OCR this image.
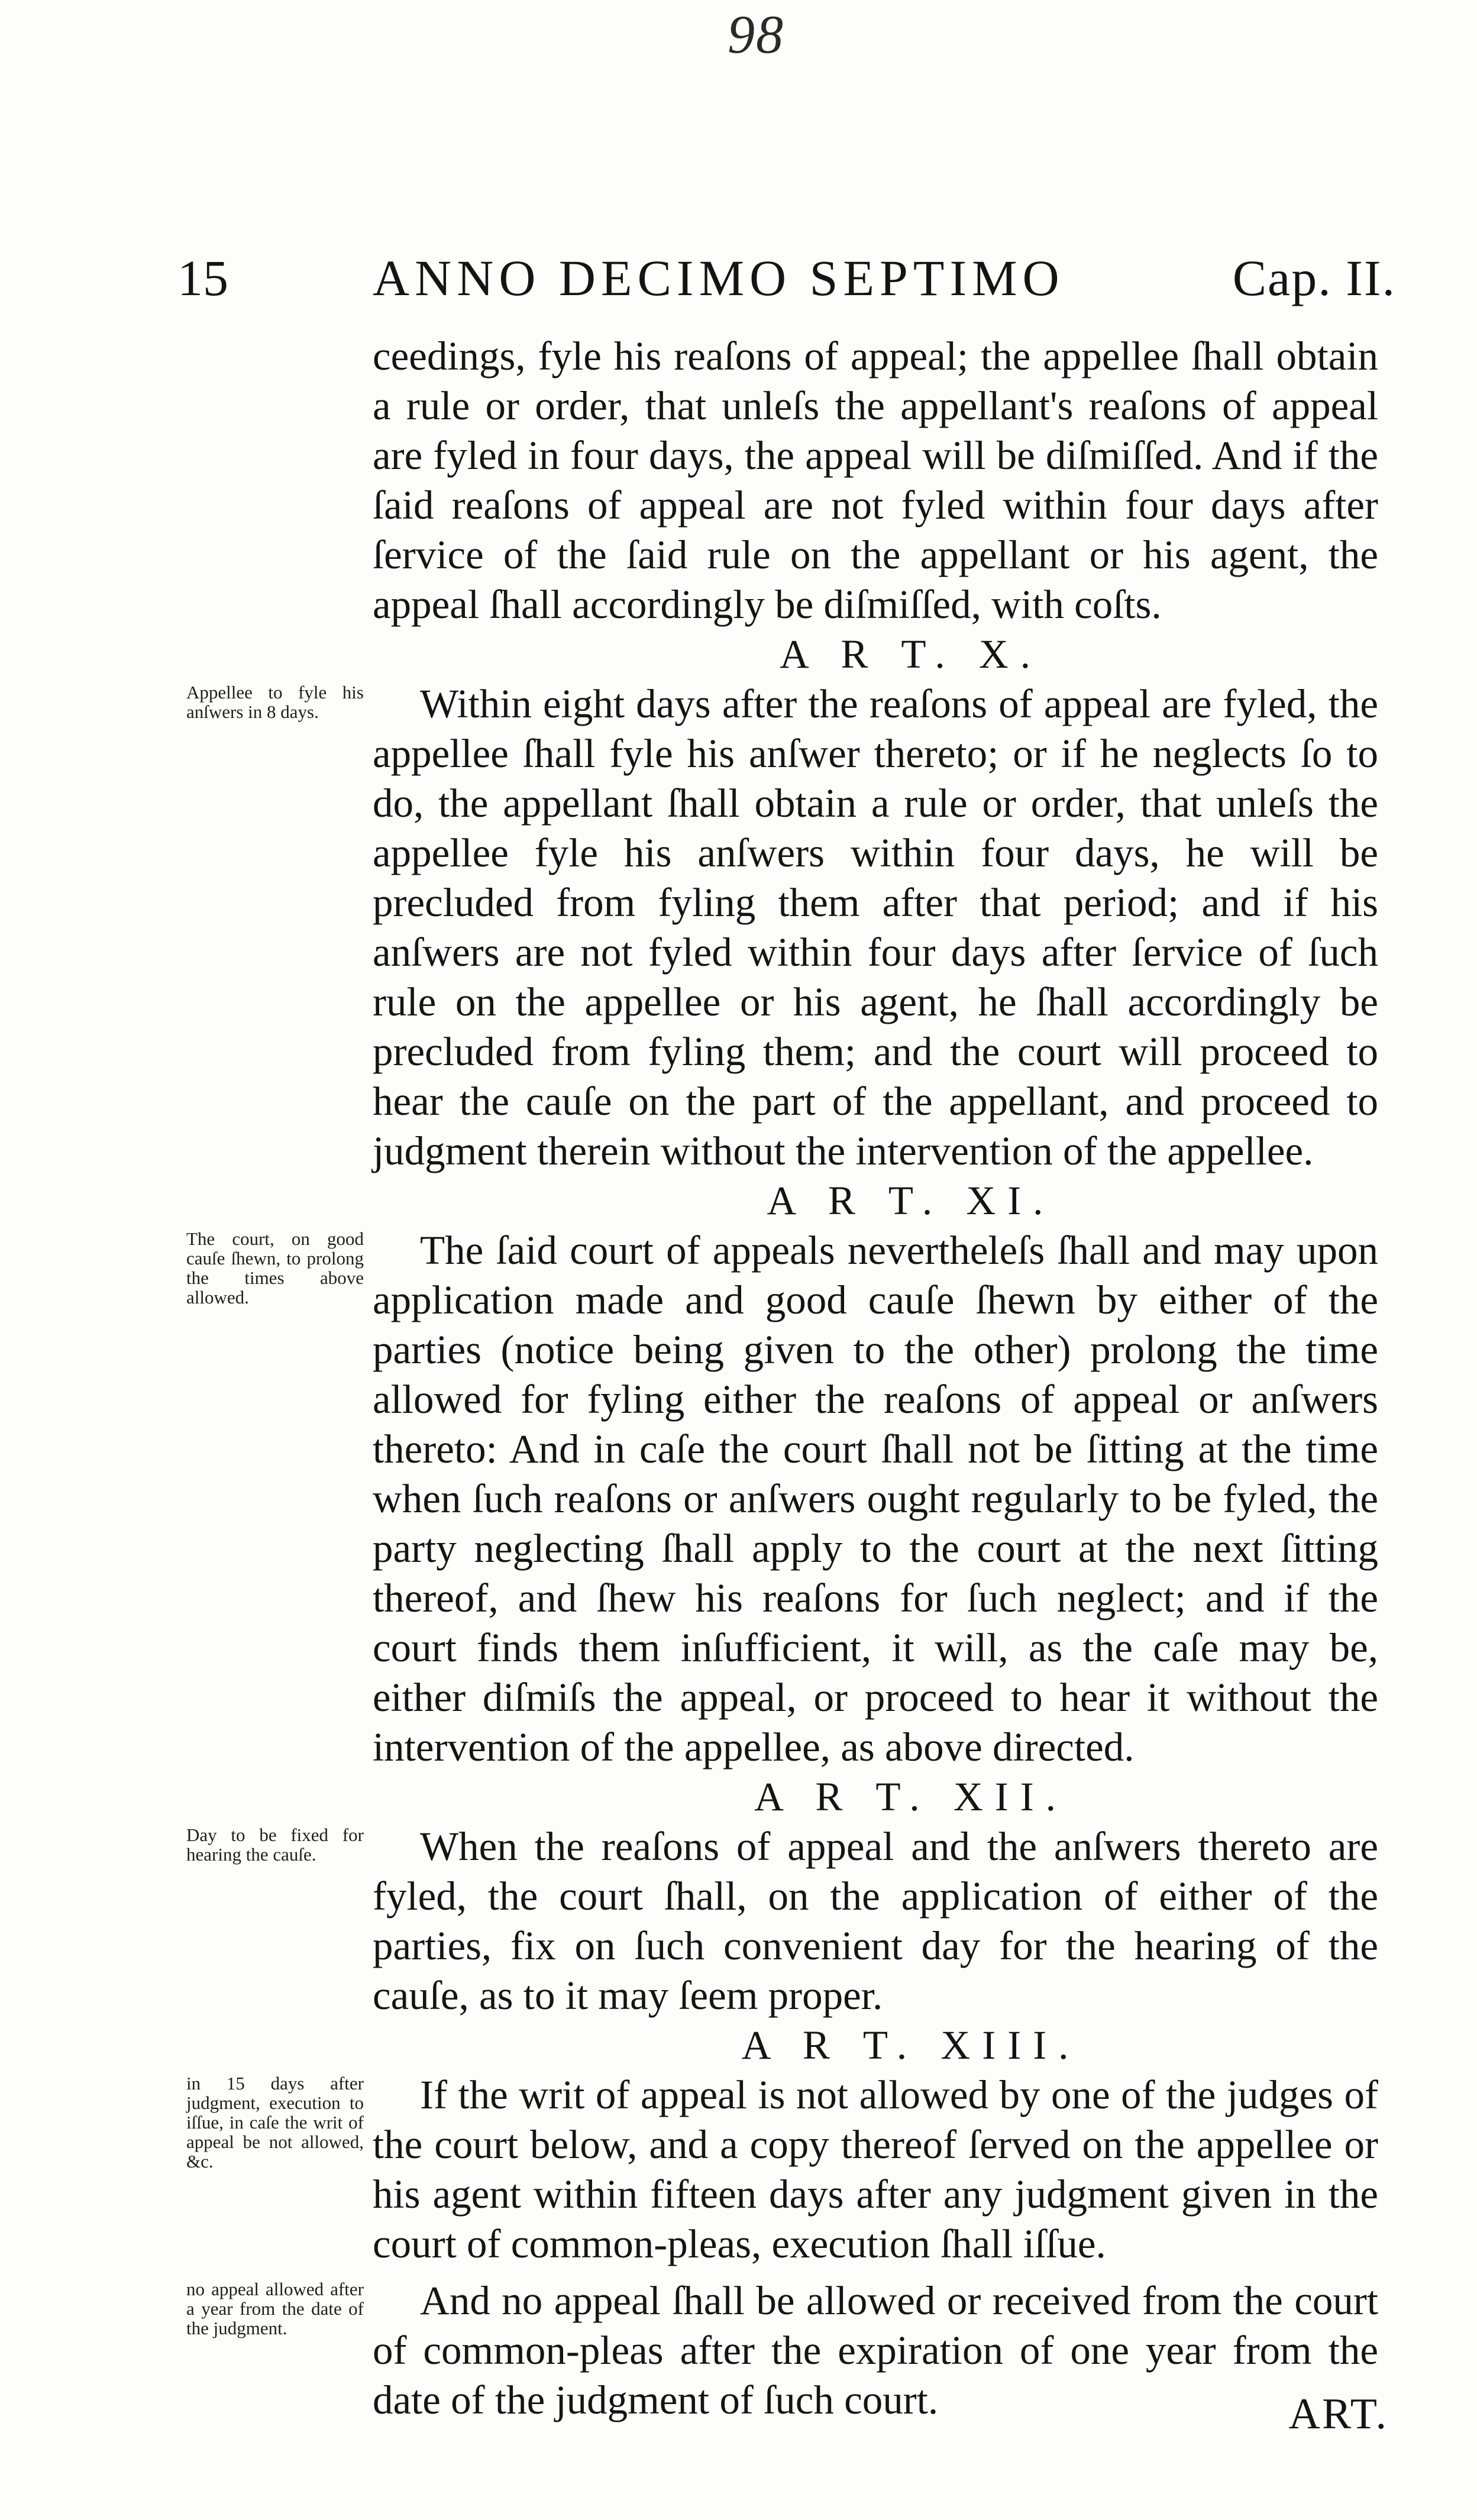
98
15	ANNO DECIMO SEPTIMO	Cap. II.

ceedings, fyle his reaſons of appeal; the appellee ſhall obtain a rule or order, that unleſs the appellant's reaſons of appeal are fyled in four days, the appeal will be diſmiſſed. And if the ſaid reaſons of appeal are not fyled within four days after ſervice of the ſaid rule on the appellant or his agent, the appeal ſhall accordingly be diſmiſſed, with coſts.

A R T. X.

Appellee to fyle his anſwers in 8 days.	Within eight days after the reaſons of appeal are fyled, the appellee ſhall fyle his anſwer thereto; or if he neglects ſo to do, the appellant ſhall obtain a rule or order, that unleſs the appellee fyle his anſwers within four days, he will be precluded from fyling them after that period; and if his anſwers are not fyled within four days after ſervice of ſuch rule on the appellee or his agent, he ſhall accordingly be precluded from fyling them; and the court will proceed to hear the cauſe on the part of the appellant, and proceed to judgment therein without the intervention of the appellee.

A R T. XI.

The court, on good cauſe ſhewn, to prolong the times above allowed.

The ſaid court of appeals nevertheleſs ſhall and may upon application made and good cauſe ſhewn by either of the parties (notice being given to the other) prolong the time allowed for fyling either the reaſons of appeal or anſwers thereto: And in caſe the court ſhall not be ſitting at the time when ſuch reaſons or anſwers ought regularly to be fyled, the party neglecting ſhall apply to the court at the next ſitting thereof, and ſhew his reaſons for ſuch neglect; and if the court finds them inſufficient, it will, as the caſe may be, either diſmiſs the appeal, or proceed to hear it without the intervention of the appellee, as above directed.

A R T. XII.

Day to be fixed for hearing the cauſe.	When the reaſons of appeal and the anſwers thereto are fyled, the court ſhall, on the application of either of the parties, fix on ſuch convenient day for the hearing of the cauſe, as to it may ſeem proper.

A R T. XIII.

in 15 days after judgment, execution to iſſue, in caſe the writ of appeal be not allowed, &c.

If the writ of appeal is not allowed by one of the judges of the court below, and a copy thereof ſerved on the appellee or his agent within fifteen days after any judgment given in the court of common-pleas, execution ſhall iſſue.

no appeal allowed after a year from the date of the judgment.

And no appeal ſhall be allowed or received from the court of common-pleas after the expiration of one year from the date of the judgment of ſuch court.	ART.
